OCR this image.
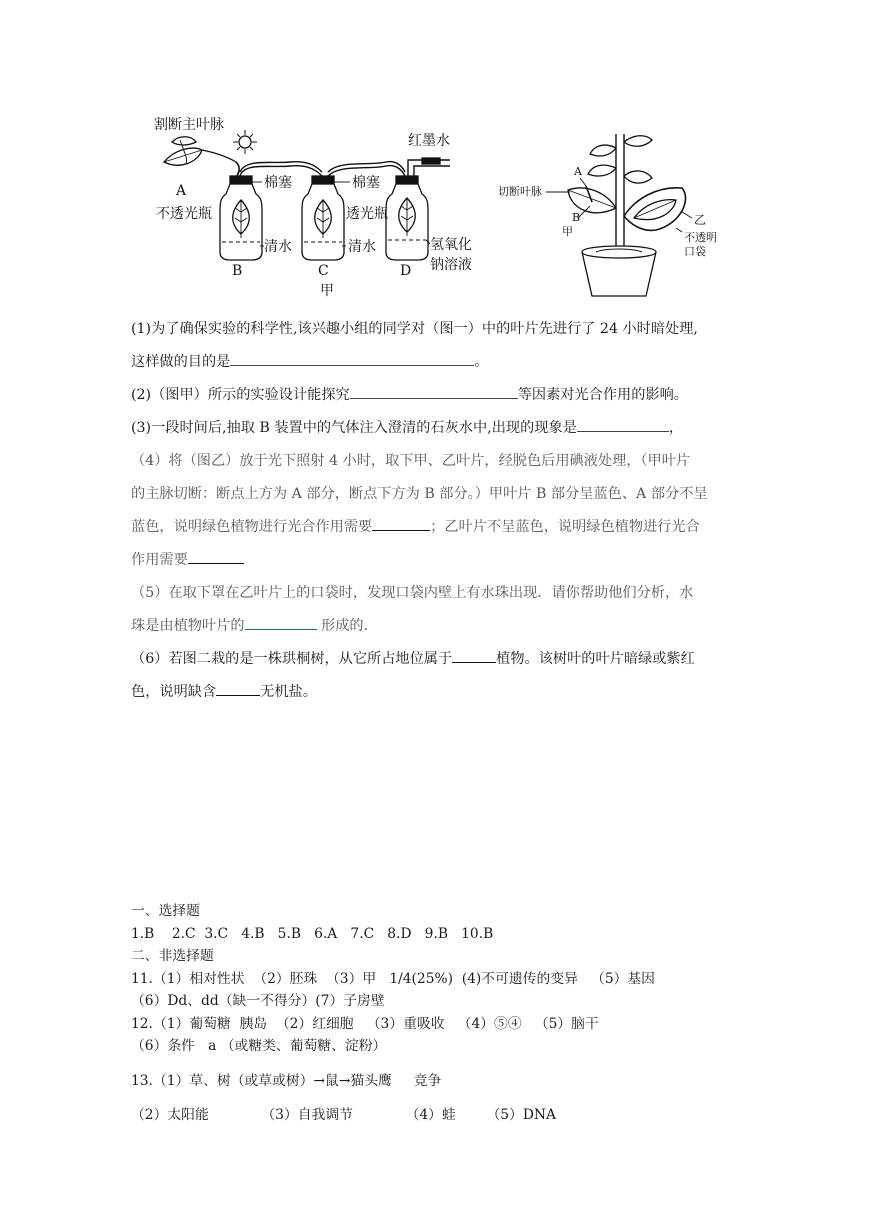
割断主叶脉
A
不透光瓶
棉塞	棉塞
透光瓶
红墨水
清水	清水	氢氧化
钠溶液
B	C	D
甲
A
切断叶脉
B
甲
乙
不透明
口袋

(1)为了确保实验的科学性,该兴趣小组的同学对（图一）中的叶片先进行了 24 小时暗处理,

这样做的目的是	。

(2)（图甲）所示的实验设计能探究	等因素对光合作用的影响。

(3)一段时间后,抽取 B 装置中的气体注入澄清的石灰水中,出现的现象是	，

（4）将（图乙）放于光下照射 4 小时，取下甲、乙叶片，经脱色后用碘液处理，（甲叶片

的主脉切断：断点上方为 A 部分，断点下方为 B 部分。）甲叶片 B 部分呈蓝色、A 部分不呈

蓝色，说明绿色植物进行光合作用需要	；乙叶片不呈蓝色，说明绿色植物进行光合

作用需要

（5）在取下罩在乙叶片上的口袋时，发现口袋内壁上有水珠出现．请你帮助他们分析，水

珠是由植物叶片的	形成的.

（6）若图二栽的是一株珙桐树，从它所占地位属于	植物。该树叶的叶片暗绿或紫红

色，说明缺含	无机盐。

一、选择题

1.B    2.C  3.C   4.B   5.B   6.A   7.C   8.D   9.B   10.B

二、非选择题

11.（1）相对性状  （2）胚珠  （3）甲   1/4(25%)  (4)不可遗传的变异   （5）基因

（6）Dd、dd（缺一不得分）(7）子房壁

12.（1）葡萄糖  胰岛  （2）红细胞   （3）重吸收   （4）⑤④   （5）脑干

（6）条件   a （或糖类、葡萄糖、淀粉）

13.（1）草、树（或草或树）→鼠→猫头鹰     竞争

（2）太阳能            （3）自我调节            （4）蛙       （5）DNA
